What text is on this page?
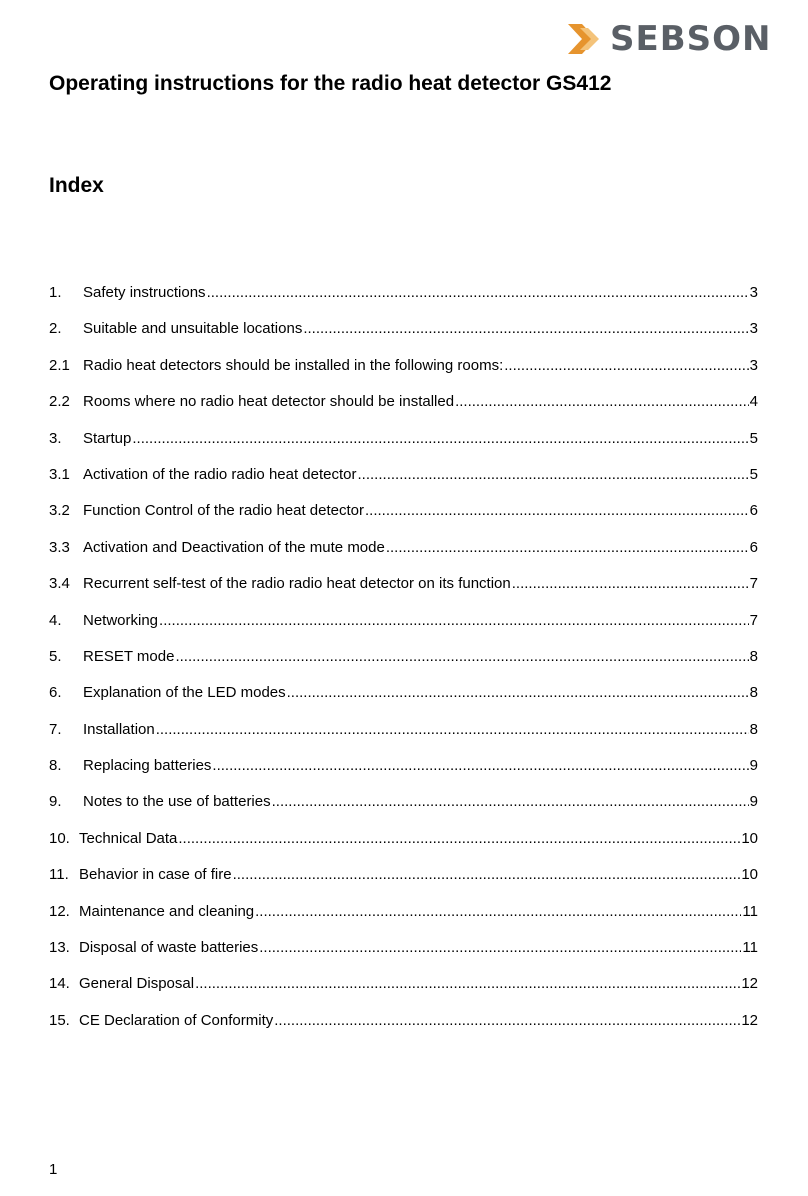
SEBSON
Operating instructions for the radio heat detector GS412
Index
1.	Safety instructions .....	3
2.	Suitable and unsuitable locations .....	3
2.1 Radio heat detectors should be installed in the following rooms: .....	3
2.2 Rooms where no radio heat detector should be installed .....	4
3.	Startup .....	5
3.1 Activation of the radio radio heat detector .....	5
3.2 Function Control of the radio heat detector .....	6
3.3 Activation and Deactivation of the mute mode .....	6
3.4 Recurrent self-test of the radio radio heat detector on its function .....	7
4.	Networking .....	7
5.	RESET mode .....	8
6.	Explanation of the LED modes .....	8
7.	Installation .....	8
8.	Replacing batteries .....	9
9.	Notes to the use of batteries .....	9
10. Technical Data .....	10
11. Behavior in case of fire .....	10
12. Maintenance and cleaning .....	11
13. Disposal of waste batteries .....	11
14. General Disposal .....	12
15. CE Declaration of Conformity .....	12
1
